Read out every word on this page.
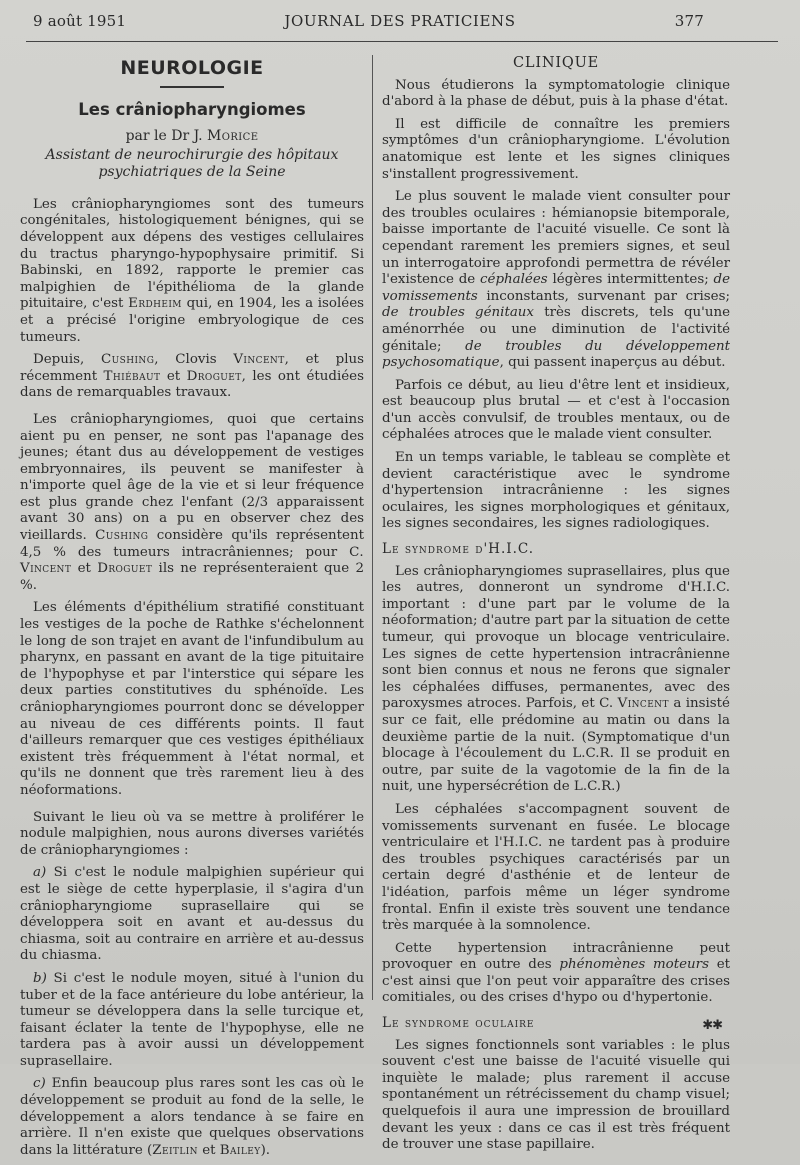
JOURNAL DES PRATICIENS
9 août 1951	377
NEUROLOGIE
Les crâniopharyngiomes
par le Dr J. Morice
Assistant de neurochirurgie des hôpitaux psychiatriques de la Seine

Les crâniopharyngiomes sont des tumeurs congénitales, histologiquement bénignes, qui se développent aux dépens des vestiges cellulaires du tractus pharyngo-hypophysaire primitif. Si Babinski, en 1892, rapporte le premier cas malpighien de l'épithélioma de la glande pituitaire, c'est Erdheim qui, en 1904, les a isolées et a précisé l'origine embryologique de ces tumeurs.

Depuis, Cushing, Clovis Vincent, et plus récemment Thiébaut et Droguet, les ont étudiées dans de remarquables travaux.

Les crâniopharyngiomes, quoi que certains aient pu en penser, ne sont pas l'apanage des jeunes; étant dus au développement de vestiges embryonnaires, ils peuvent se manifester à n'importe quel âge de la vie et si leur fréquence est plus grande chez l'enfant (2/3 apparaissent avant 30 ans) on a pu en observer chez des vieillards. Cushing considère qu'ils représentent 4,5 % des tumeurs intracrâniennes; pour C. Vincent et Droguet ils ne représenteraient que 2 %.

Les éléments d'épithélium stratifié constituant les vestiges de la poche de Rathke s'échelonnent le long de son trajet en avant de l'infundibulum au pharynx, en passant en avant de la tige pituitaire de l'hypophyse et par l'interstice qui sépare les deux parties constitutives du sphénoïde. Les crâniopharyngiomes pourront donc se développer au niveau de ces différents points. Il faut d'ailleurs remarquer que ces vestiges épithéliaux existent très fréquemment à l'état normal, et qu'ils ne donnent que très rarement lieu à des néoformations.

Suivant le lieu où va se mettre à proliférer le nodule malpighien, nous aurons diverses variétés de crâniopharyngiomes :

a) Si c'est le nodule malpighien supérieur qui est le siège de cette hyperplasie, il s'agira d'un crâniopharyngiome suprasellaire qui se développera soit en avant et au-dessus du chiasma, soit au contraire en arrière et au-dessus du chiasma.

b) Si c'est le nodule moyen, situé à l'union du tuber et de la face antérieure du lobe antérieur, la tumeur se développera dans la selle turcique et, faisant éclater la tente de l'hypophyse, elle ne tardera pas à avoir aussi un développement suprasellaire.

c) Enfin beaucoup plus rares sont les cas où le développement se produit au fond de la selle, le développement a alors tendance à se faire en arrière. Il n'en existe que quelques observations dans la littérature (Zeitlin et Bailey).

CLINIQUE

Nous étudierons la symptomatologie clinique d'abord à la phase de début, puis à la phase d'état.

Il est difficile de connaître les premiers symptômes d'un crâniopharyngiome. L'évolution anatomique est lente et les signes cliniques s'installent progressivement.

Le plus souvent le malade vient consulter pour des troubles oculaires : hémianopsie bitemporale, baisse importante de l'acuité visuelle. Ce sont là cependant rarement les premiers signes, et seul un interrogatoire approfondi permettra de révéler l'existence de céphalées légères intermittentes; de vomissements inconstants, survenant par crises; de troubles génitaux très discrets, tels qu'une aménorrhée ou une diminution de l'activité génitale; de troubles du développement psychosomatique, qui passent inaperçus au début.

Parfois ce début, au lieu d'être lent et insidieux, est beaucoup plus brutal — et c'est à l'occasion d'un accès convulsif, de troubles mentaux, ou de céphalées atroces que le malade vient consulter.

En un temps variable, le tableau se complète et devient caractéristique avec le syndrome d'hypertension intracrânienne : les signes oculaires, les signes morphologiques et génitaux, les signes secondaires, les signes radiologiques.

Le syndrome d'H.I.C.

Les crâniopharyngiomes suprasellaires, plus que les autres, donneront un syndrome d'H.I.C. important : d'une part par le volume de la néoformation; d'autre part par la situation de cette tumeur, qui provoque un blocage ventriculaire. Les signes de cette hypertension intracrânienne sont bien connus et nous ne ferons que signaler les céphalées diffuses, permanentes, avec des paroxysmes atroces. Parfois, et C. Vincent a insisté sur ce fait, elle prédomine au matin ou dans la deuxième partie de la nuit. (Symptomatique d'un blocage à l'écoulement du L.C.R. Il se produit en outre, par suite de la vagotomie de la fin de la nuit, une hypersécrétion de L.C.R.)

Les céphalées s'accompagnent souvent de vomissements survenant en fusée. Le blocage ventriculaire et l'H.I.C. ne tardent pas à produire des troubles psychiques caractérisés par un certain degré d'asthénie et de lenteur de l'idéation, parfois même un léger syndrome frontal. Enfin il existe très souvent une tendance très marquée à la somnolence.

Cette hypertension intracrânienne peut provoquer en outre des phénomènes moteurs et c'est ainsi que l'on peut voir apparaître des crises comitiales, ou des crises d'hypo ou d'hypertonie.

Le syndrome oculaire

Les signes fonctionnels sont variables : le plus souvent c'est une baisse de l'acuité visuelle qui inquiète le malade; plus rarement il accuse spontanément un rétrécissement du champ visuel; quelquefois il aura une impression de brouillard devant les yeux : dans ce cas il est très fréquent de trouver une stase papillaire.

✱✱
